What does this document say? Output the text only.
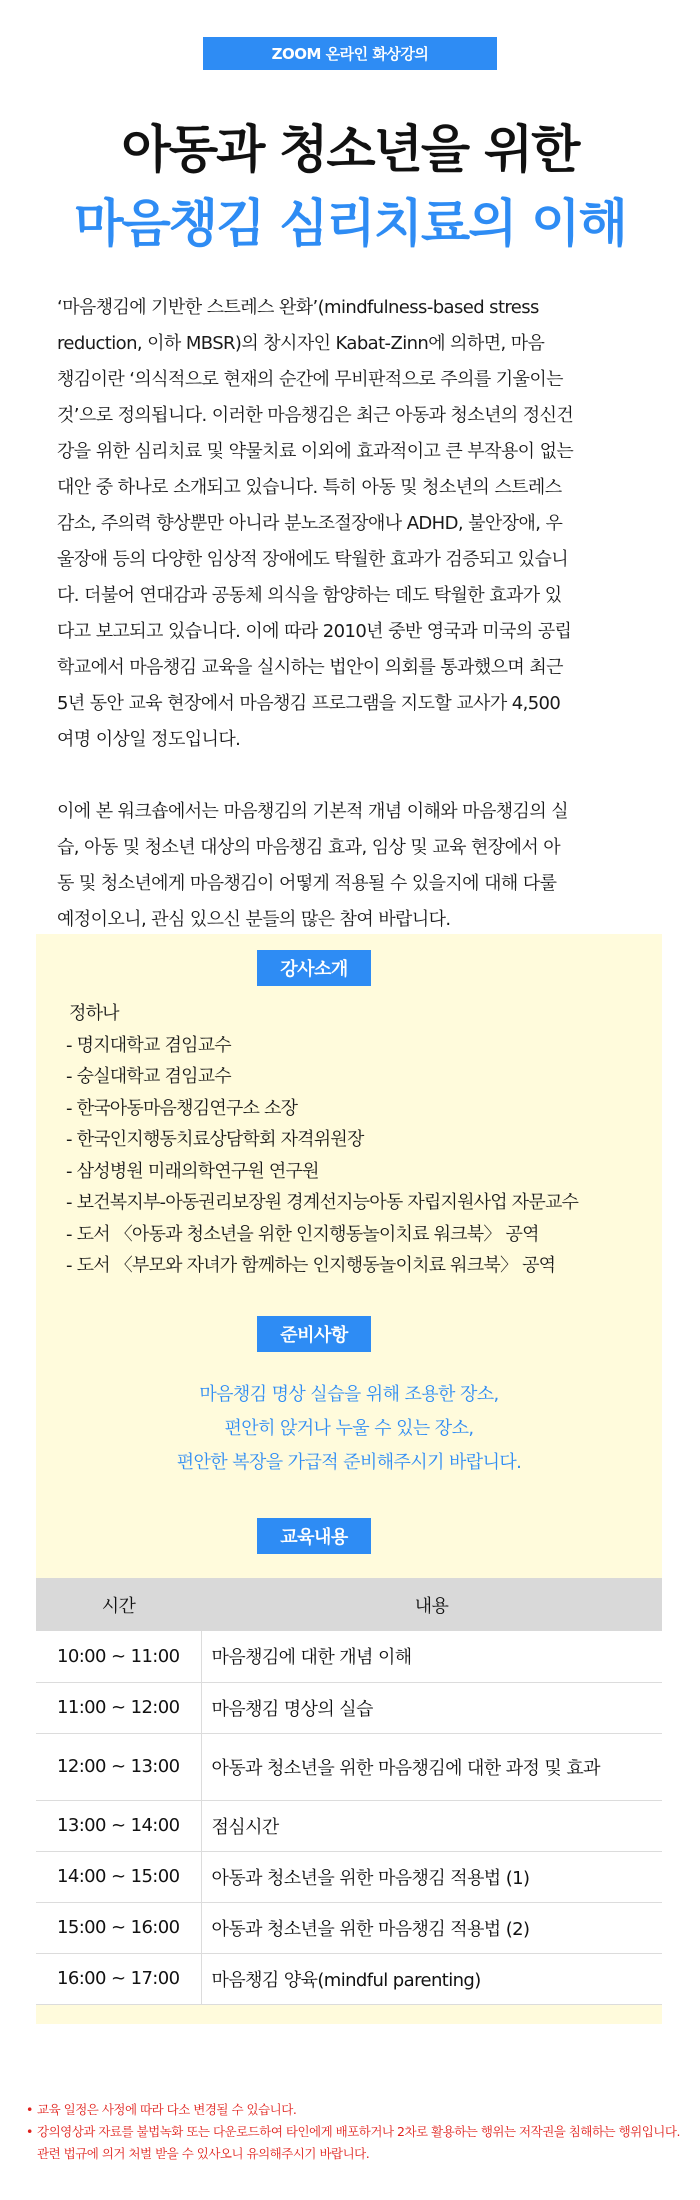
ZOOM 온라인 화상강의
아동과 청소년을 위한
마음챙김 심리치료의 이해

‘마음챙김에 기반한 스트레스 완화’(mindfulness-based stress

reduction, 이하 MBSR)의 창시자인 Kabat-Zinn에 의하면, 마음

챙김이란 ‘의식적으로 현재의 순간에 무비판적으로 주의를 기울이는

것’으로 정의됩니다. 이러한 마음챙김은 최근 아동과 청소년의 정신건

강을 위한 심리치료 및 약물치료 이외에 효과적이고 큰 부작용이 없는

대안 중 하나로 소개되고 있습니다. 특히 아동 및 청소년의 스트레스

감소, 주의력 향상뿐만 아니라 분노조절장애나 ADHD, 불안장애, 우

울장애 등의 다양한 임상적 장애에도 탁월한 효과가 검증되고 있습니

다. 더불어 연대감과 공동체 의식을 함양하는 데도 탁월한 효과가 있

다고 보고되고 있습니다. 이에 따라 2010년 중반 영국과 미국의 공립

학교에서 마음챙김 교육을 실시하는 법안이 의회를 통과했으며 최근

5년 동안 교육 현장에서 마음챙김 프로그램을 지도할 교사가 4,500

여명 이상일 정도입니다.

이에 본 워크숍에서는 마음챙김의 기본적 개념 이해와 마음챙김의 실

습, 아동 및 청소년 대상의 마음챙김 효과, 임상 및 교육 현장에서 아

동 및 청소년에게 마음챙김이 어떻게 적용될 수 있을지에 대해 다룰

예정이오니, 관심 있으신 분들의 많은 참여 바랍니다.

강사소개
정하나
- 명지대학교 겸임교수
- 숭실대학교 겸임교수
- 한국아동마음챙김연구소 소장
- 한국인지행동치료상담학회 자격위원장
- 삼성병원 미래의학연구원 연구원
- 보건복지부-아동권리보장원 경계선지능아동 자립지원사업 자문교수
- 도서 〈아동과 청소년을 위한 인지행동놀이치료 워크북〉 공역
- 도서 〈부모와 자녀가 함께하는 인지행동놀이치료 워크북〉 공역
준비사항

마음챙김 명상 실습을 위해 조용한 장소,

편안히 앉거나 누울 수 있는 장소,

편안한 복장을 가급적 준비해주시기 바랍니다.

교육내용
시간	내용
10:00 ~ 11:00	마음챙김에 대한 개념 이해
11:00 ~ 12:00	마음챙김 명상의 실습
12:00 ~ 13:00	아동과 청소년을 위한 마음챙김에 대한 과정 및 효과
13:00 ~ 14:00	점심시간
14:00 ~ 15:00	아동과 청소년을 위한 마음챙김 적용법 (1)
15:00 ~ 16:00	아동과 청소년을 위한 마음챙김 적용법 (2)
16:00 ~ 17:00	마음챙김 양육(mindful parenting)
• 교육 일정은 사정에 따라 다소 변경될 수 있습니다.
• 강의영상과 자료를 불법녹화 또는 다운로드하여 타인에게 배포하거나 2차로 활용하는 행위는 저작권을 침해하는 행위입니다. 관련 법규에 의거 처벌 받을 수 있사오니 유의해주시기 바랍니다.
